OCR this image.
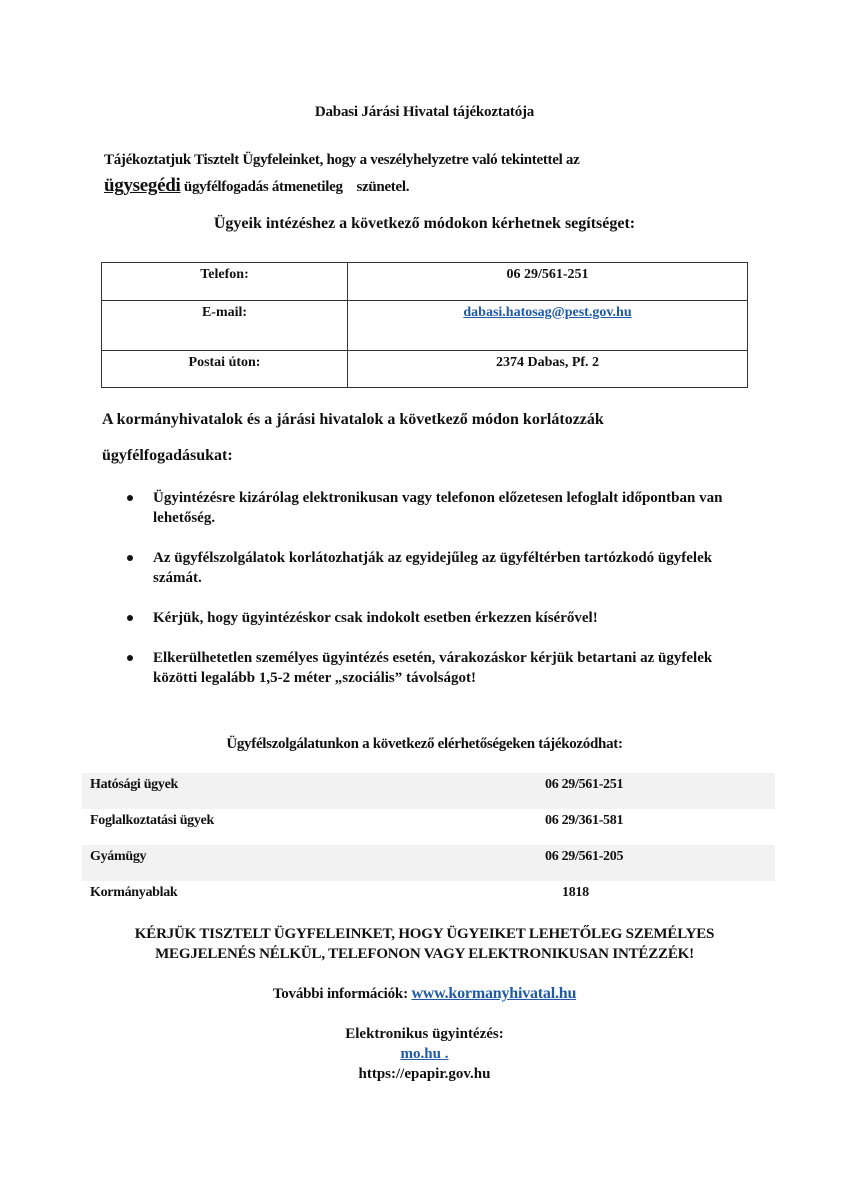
Dabasi Járási Hivatal tájékoztatója
Tájékoztatjuk Tisztelt Ügyfeleinket, hogy a veszélyhelyzetre való tekintettel az
ügysegédi ügyfélfogadás átmenetileg    szünetel.
Ügyeik intézéshez a következő módokon kérhetnek segítséget:
Telefon:	06 29/561-251
E-mail:	dabasi.hatosag@pest.gov.hu
Postai úton:	2374 Dabas, Pf. 2
A kormányhivatalok és a járási hivatalok a következő módon korlátozzák
ügyfélfogadásukat:
Ügyintézésre kizárólag elektronikusan vagy telefonon előzetesen lefoglalt időpontban van lehetőség.
Az ügyfélszolgálatok korlátozhatják az egyidejűleg az ügyféltérben tartózkodó ügyfelek számát.
Kérjük, hogy ügyintézéskor csak indokolt esetben érkezzen kísérővel!
Elkerülhetetlen személyes ügyintézés esetén, várakozáskor kérjük betartani az ügyfelek közötti legalább 1,5-2 méter „szociális” távolságot!
Ügyfélszolgálatunkon a következő elérhetőségeken tájékozódhat:
Hatósági ügyek	06 29/561-251
Foglalkoztatási ügyek	06 29/361-581
Gyámügy	06 29/561-205
Kormányablak	1818
KÉRJÜK TISZTELT ÜGYFELEINKET, HOGY ÜGYEIKET LEHETŐLEG SZEMÉLYES
MEGJELENÉS NÉLKÜL, TELEFONON VAGY ELEKTRONIKUSAN INTÉZZÉK!
További információk: www.kormanyhivatal.hu
Elektronikus ügyintézés:
mo.hu .
https://epapir.gov.hu
